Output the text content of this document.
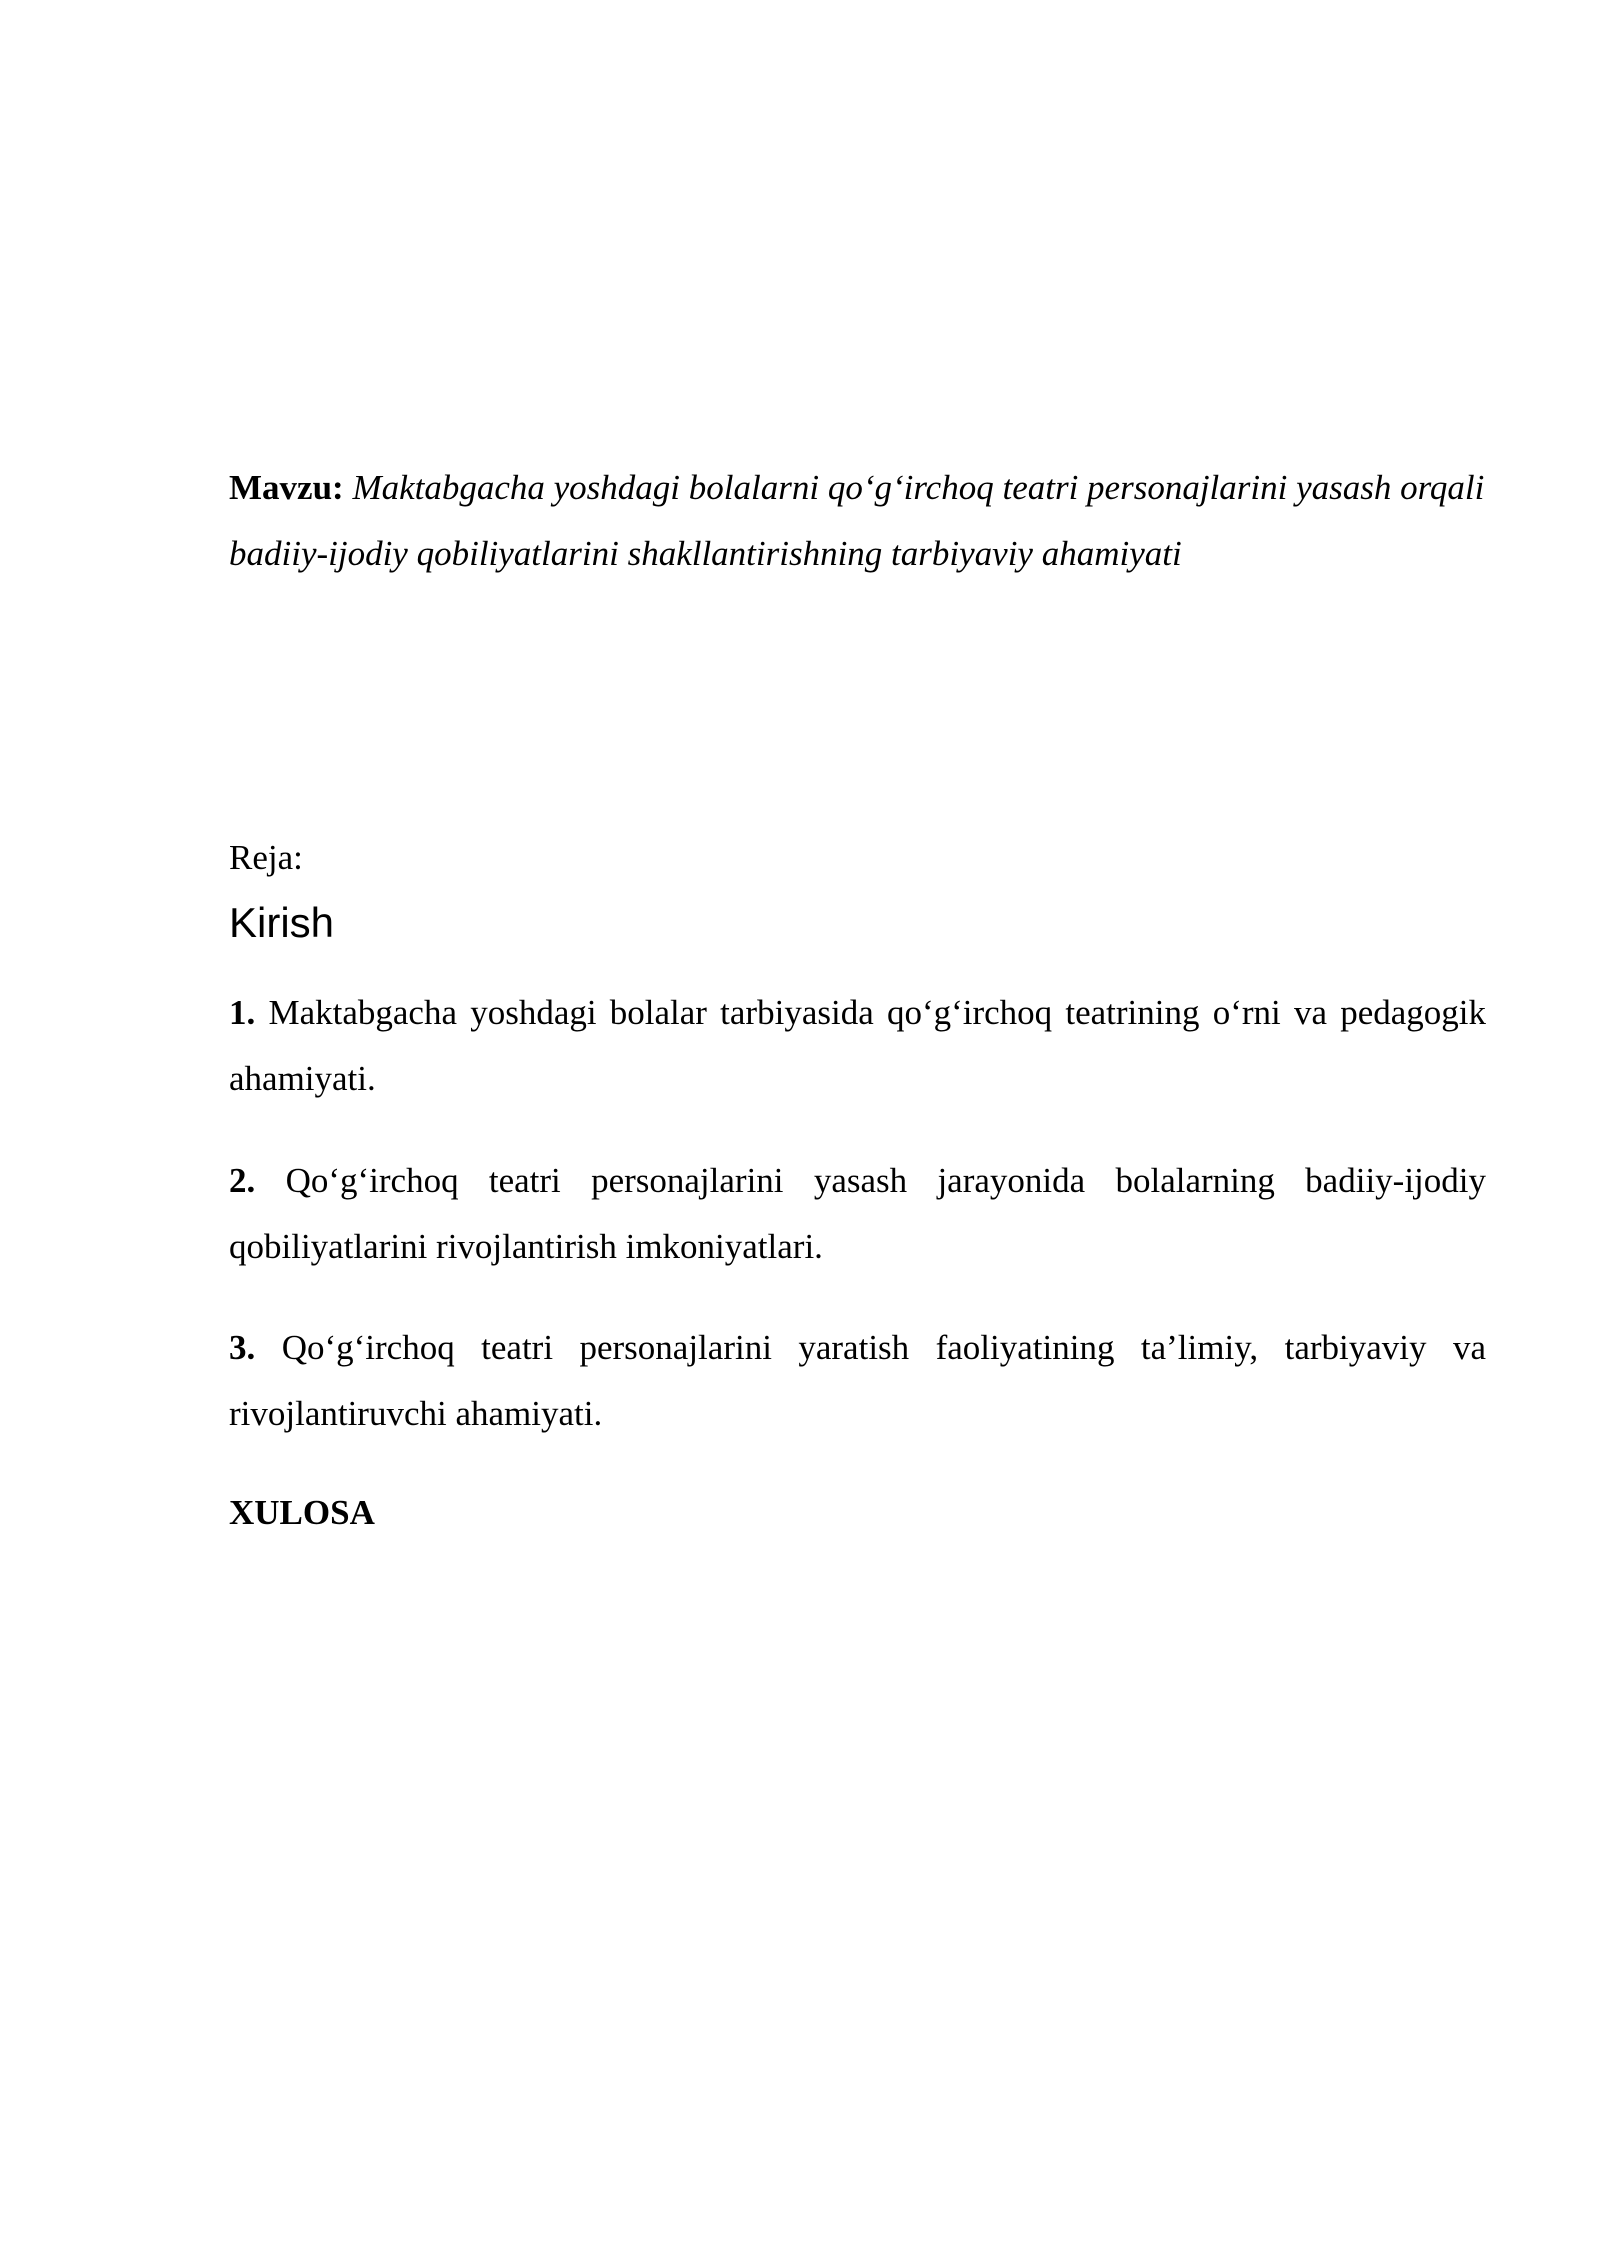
Mavzu: Maktabgacha yoshdagi bolalarni qo‘g‘irchoq teatri personajlarini yasash orqali badiiy-ijodiy qobiliyatlarini shakllantirishning tarbiyaviy ahamiyati
Reja:
Kirish
1. Maktabgacha yoshdagi bolalar tarbiyasida qo‘g‘irchoq teatrining o‘rni va pedagogik ahamiyati.
2. Qo‘g‘irchoq teatri personajlarini yasash jarayonida bolalarning badiiy-ijodiy qobiliyatlarini rivojlantirish imkoniyatlari.
3. Qo‘g‘irchoq teatri personajlarini yaratish faoliyatining ta’limiy, tarbiyaviy va rivojlantiruvchi ahamiyati.
XULOSA
